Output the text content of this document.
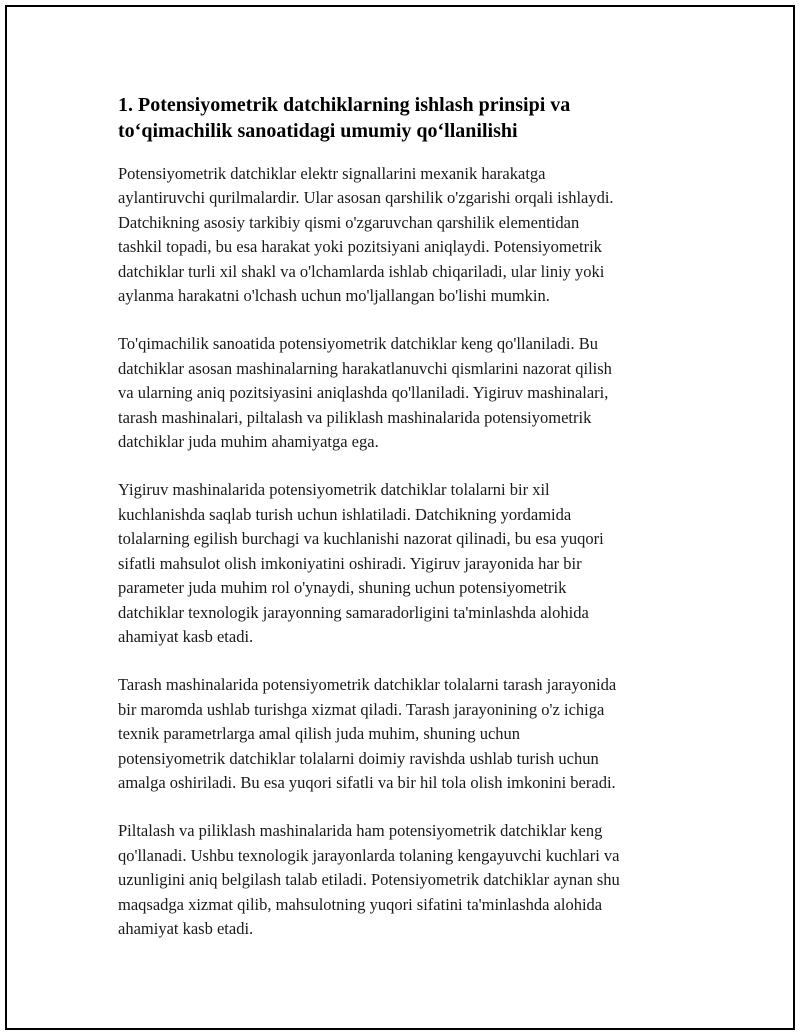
1. Potensiyometrik datchiklarning ishlash prinsipi va
to‘qimachilik sanoatidagi umumiy qo‘llanilishi

Potensiyometrik datchiklar elektr signallarini mexanik harakatga
aylantiruvchi qurilmalardir. Ular asosan qarshilik o'zgarishi orqali ishlaydi.
Datchikning asosiy tarkibiy qismi o'zgaruvchan qarshilik elementidan
tashkil topadi, bu esa harakat yoki pozitsiyani aniqlaydi. Potensiyometrik
datchiklar turli xil shakl va o'lchamlarda ishlab chiqariladi, ular liniy yoki
aylanma harakatni o'lchash uchun mo'ljallangan bo'lishi mumkin.

To'qimachilik sanoatida potensiyometrik datchiklar keng qo'llaniladi. Bu
datchiklar asosan mashinalarning harakatlanuvchi qismlarini nazorat qilish
va ularning aniq pozitsiyasini aniqlashda qo'llaniladi. Yigiruv mashinalari,
tarash mashinalari, piltalash va piliklash mashinalarida potensiyometrik
datchiklar juda muhim ahamiyatga ega.

Yigiruv mashinalarida potensiyometrik datchiklar tolalarni bir xil
kuchlanishda saqlab turish uchun ishlatiladi. Datchikning yordamida
tolalarning egilish burchagi va kuchlanishi nazorat qilinadi, bu esa yuqori
sifatli mahsulot olish imkoniyatini oshiradi. Yigiruv jarayonida har bir
parameter juda muhim rol o'ynaydi, shuning uchun potensiyometrik
datchiklar texnologik jarayonning samaradorligini ta'minlashda alohida
ahamiyat kasb etadi.

Tarash mashinalarida potensiyometrik datchiklar tolalarni tarash jarayonida
bir maromda ushlab turishga xizmat qiladi. Tarash jarayonining o'z ichiga
texnik parametrlarga amal qilish juda muhim, shuning uchun
potensiyometrik datchiklar tolalarni doimiy ravishda ushlab turish uchun
amalga oshiriladi. Bu esa yuqori sifatli va bir hil tola olish imkonini beradi.

Piltalash va piliklash mashinalarida ham potensiyometrik datchiklar keng
qo'llanadi. Ushbu texnologik jarayonlarda tolaning kengayuvchi kuchlari va
uzunligini aniq belgilash talab etiladi. Potensiyometrik datchiklar aynan shu
maqsadga xizmat qilib, mahsulotning yuqori sifatini ta'minlashda alohida
ahamiyat kasb etadi.
